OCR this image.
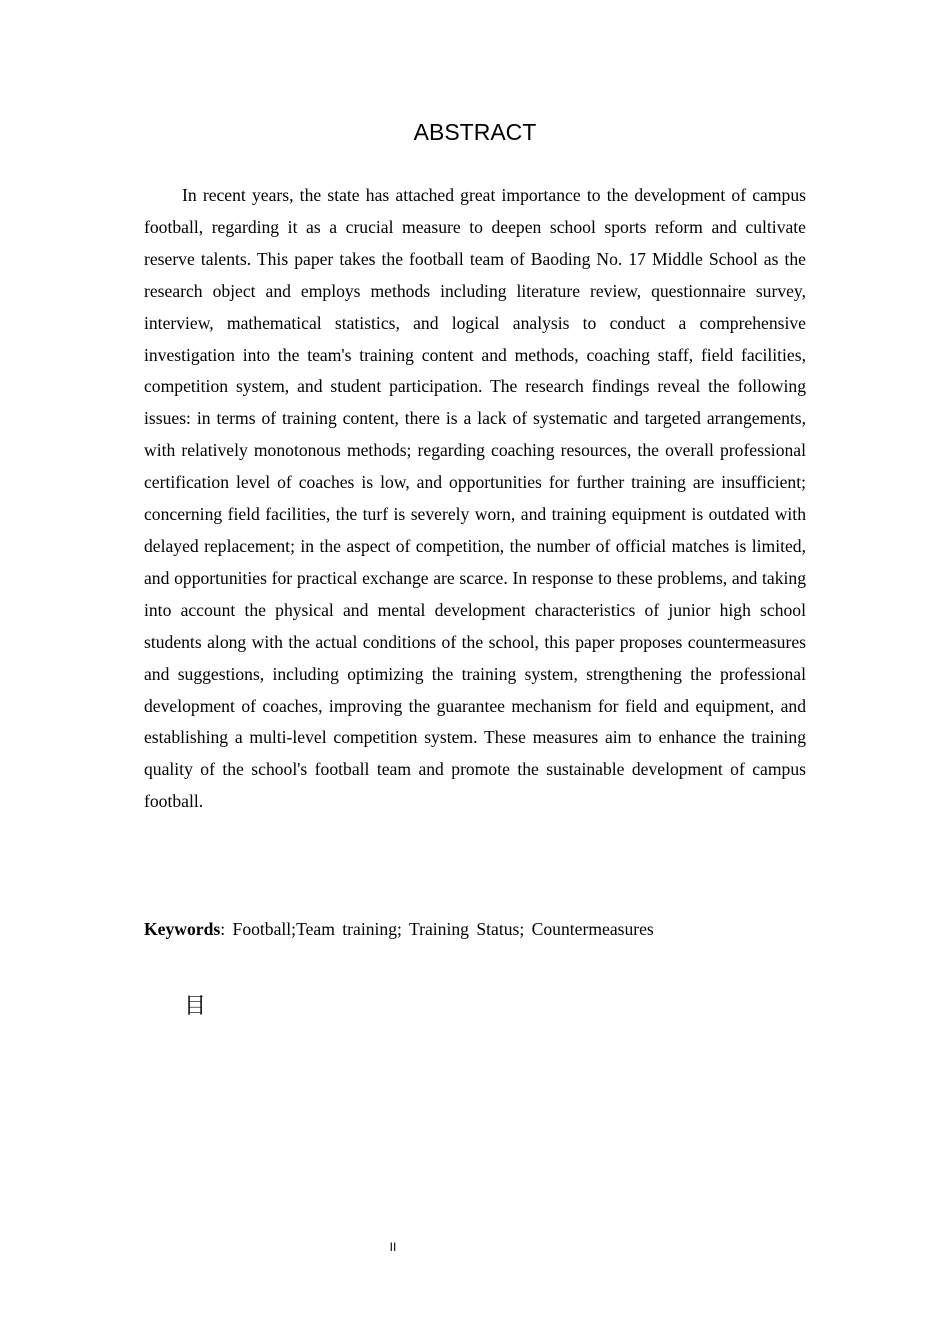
ABSTRACT

In recent years, the state has attached great importance to the development of campus football, regarding it as a crucial measure to deepen school sports reform and cultivate reserve talents. This paper takes the football team of Baoding No. 17 Middle School as the research object and employs methods including literature review, questionnaire survey, interview, mathematical statistics, and logical analysis to conduct a comprehensive investigation into the team's training content and methods, coaching staff, field facilities, competition system, and student participation. The research findings reveal the following issues: in terms of training content, there is a lack of systematic and targeted arrangements, with relatively monotonous methods; regarding coaching resources, the overall professional certification level of coaches is low, and opportunities for further training are insufficient; concerning field facilities, the turf is severely worn, and training equipment is outdated with delayed replacement; in the aspect of competition, the number of official matches is limited, and opportunities for practical exchange are scarce. In response to these problems, and taking into account the physical and mental development characteristics of junior high school students along with the actual conditions of the school, this paper proposes countermeasures and suggestions, including optimizing the training system, strengthening the professional development of coaches, improving the guarantee mechanism for field and equipment, and establishing a multi-level competition system. These measures aim to enhance the training quality of the school's football team and promote the sustainable development of campus football.

Keywords: Football;Team training; Training Status; Countermeasures

目
II
